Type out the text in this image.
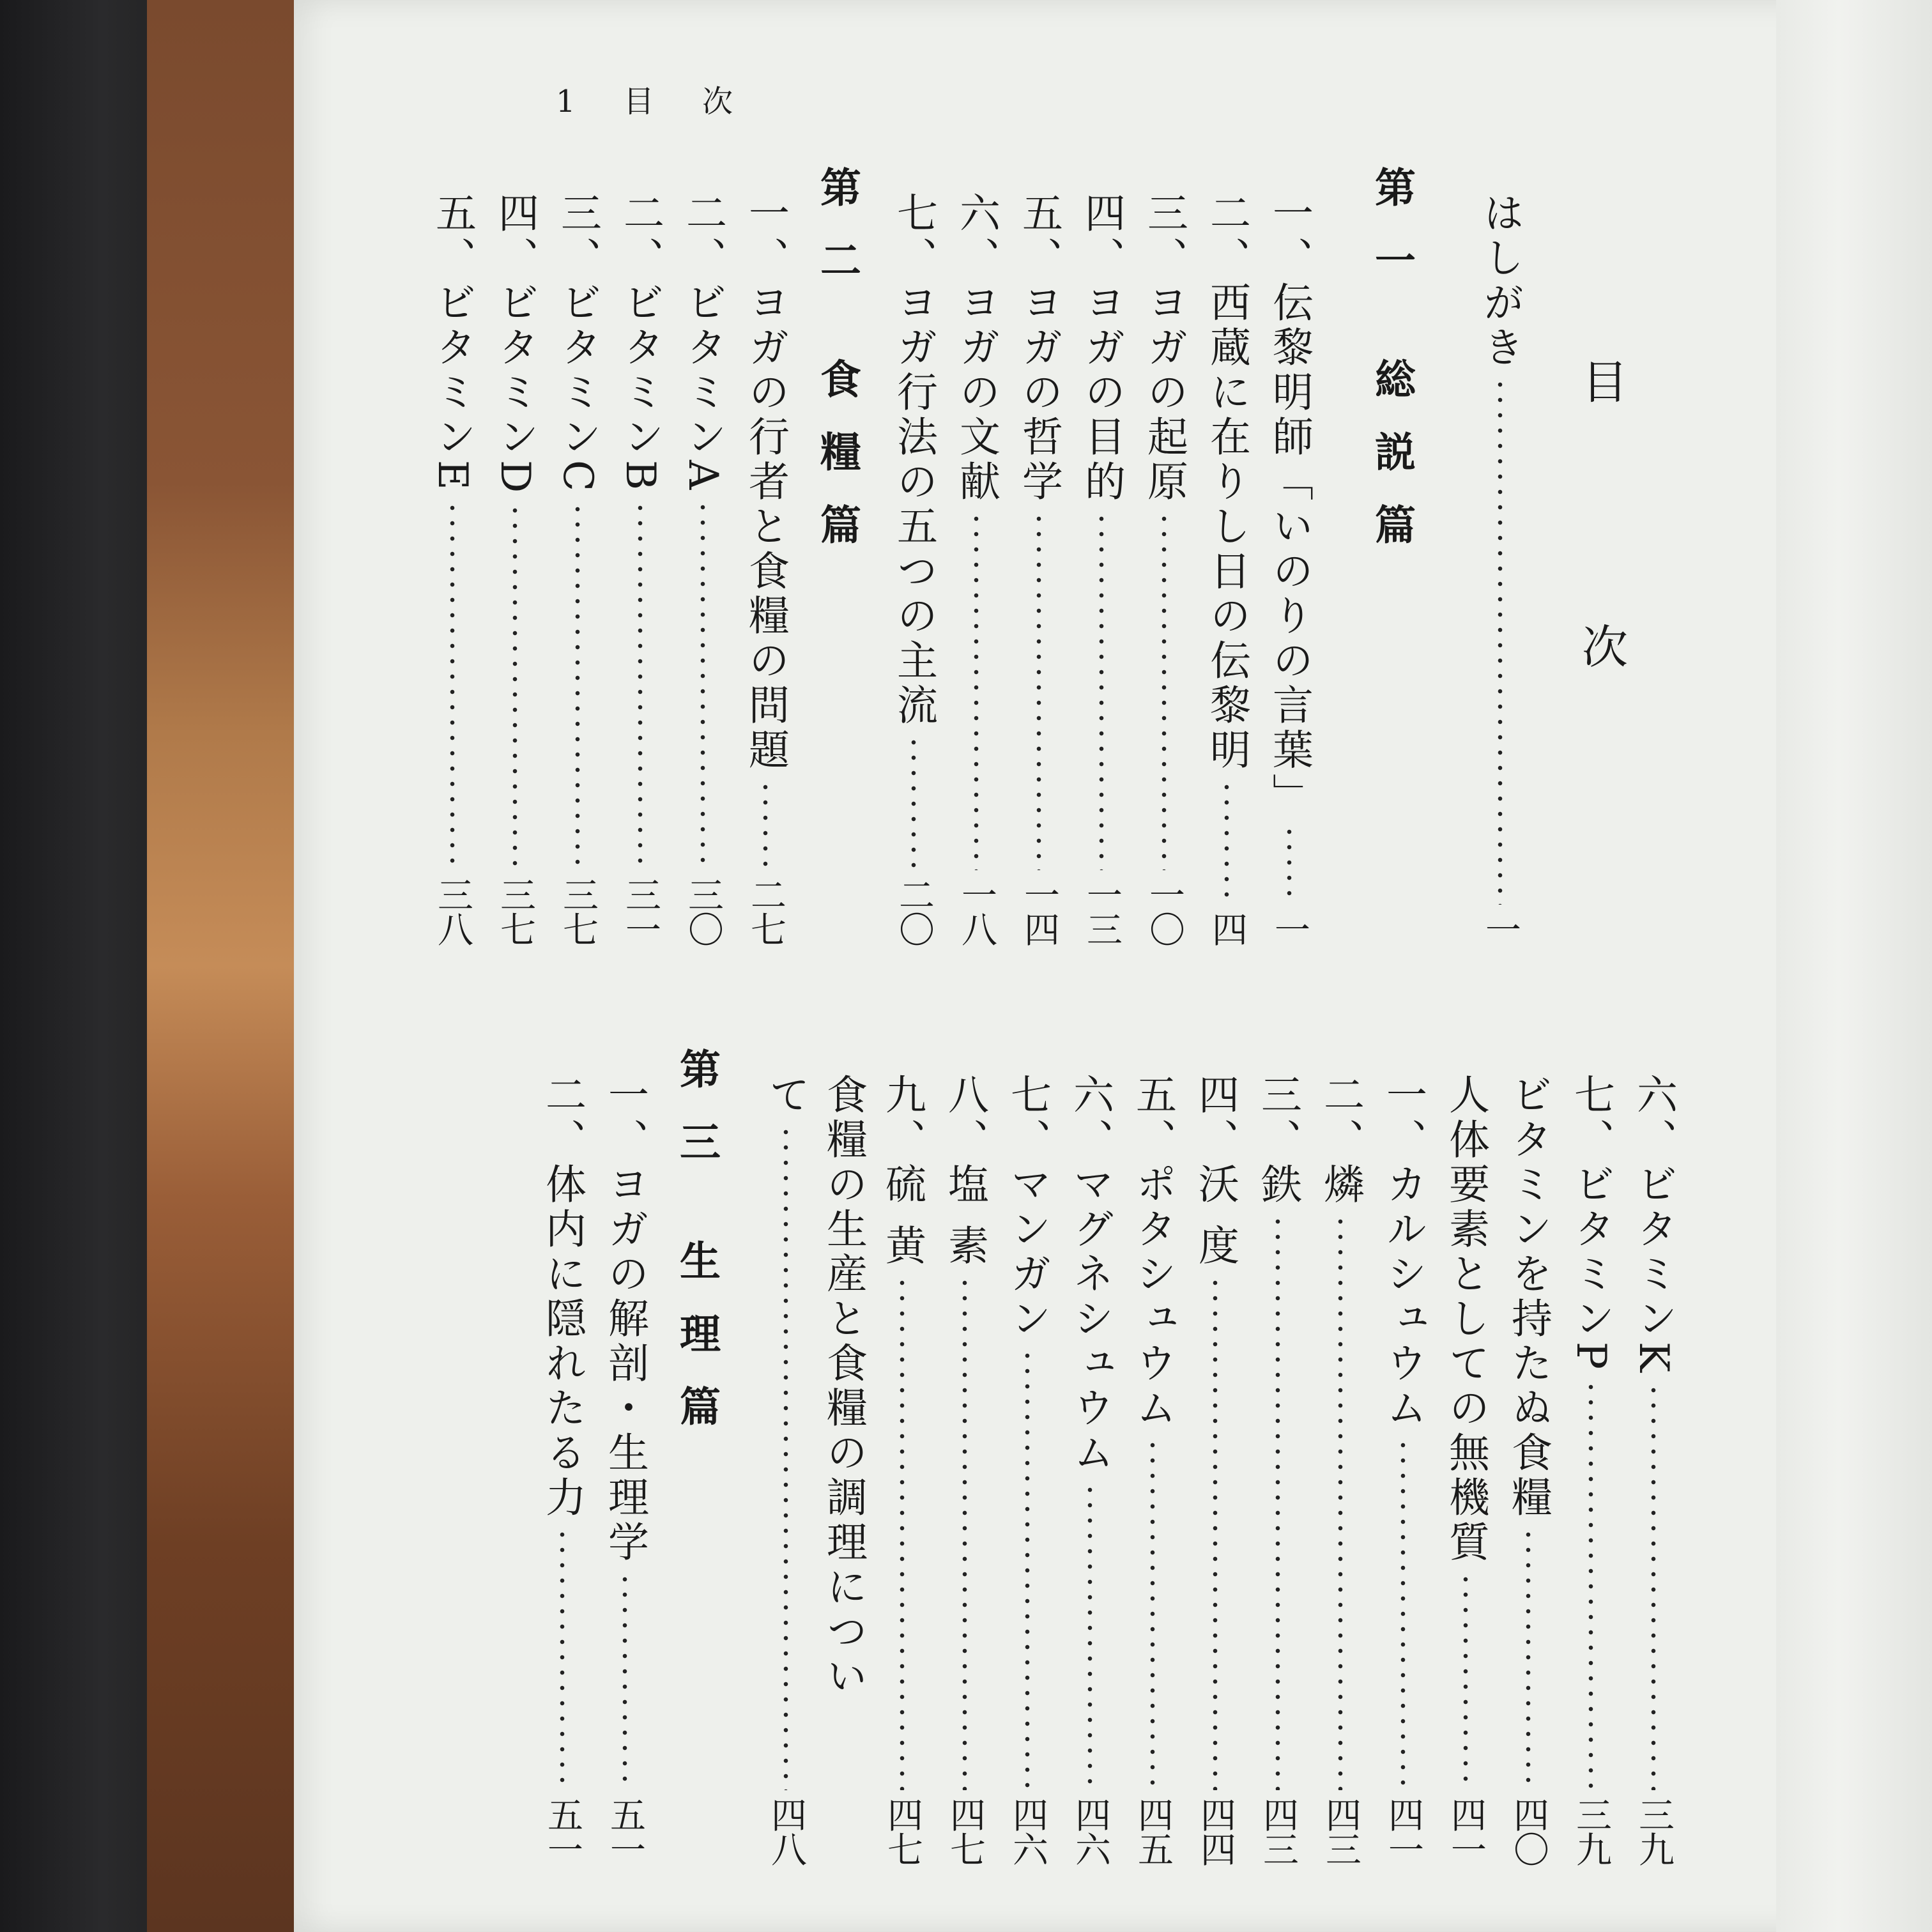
1 目 次
目 次
はしがき
一
第一 総説篇
一、伝黎明師「いのりの言葉」
一
二、西蔵に在りし日の伝黎明
四
三、ヨガの起原
一〇
四、ヨガの目的
一三
五、ヨガの哲学
一四
六、ヨガの文献
一八
七、ヨガ行法の五つの主流
二〇
第二 食糧篇
一、ヨガの行者と食糧の問題
二七
二、ビタミンA
三〇
二、ビタミンB
三一
三、ビタミンC
三七
四、ビタミンD
三七
五、ビタミンE
三八
六、ビタミンK
三九
七、ビタミンP
三九
ビタミンを持たぬ食糧
四〇
人体要素としての無機質
四一
一、カルシュウム
四一
二、燐
四三
三、鉄
四三
四、沃 度
四四
五、ポタシュウム
四五
六、マグネシュウム
四六
七、マンガン
四六
八、塩 素
四七
九、硫 黄
四七
食糧の生産と食糧の調理につい
て
四八
第三 生理篇
一、ヨガの解剖・生理学
五一
二、体内に隠れたる力
五一
